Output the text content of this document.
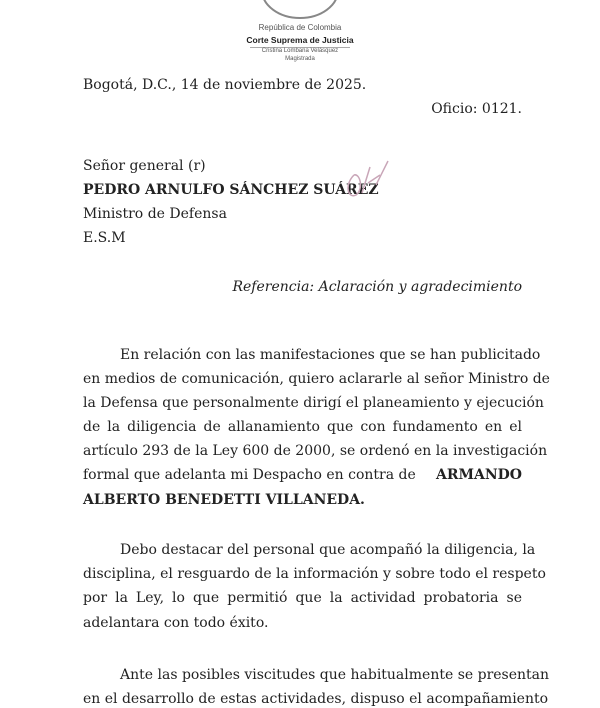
República de Colombia
Corte Suprema de Justicia
Cristina Lombana Velásquez
Magistrada
Bogotá, D.C., 14 de noviembre de 2025.
Oficio: 0121.
Señor general (r)
PEDRO ARNULFO SÁNCHEZ SUÁREZ
Ministro de Defensa
E.S.M
Referencia: Aclaración y agradecimiento
En relación con las manifestaciones que se han publicitado
en medios de comunicación, quiero aclararle al señor Ministro de
la Defensa que personalmente dirigí el planeamiento y ejecución
de la diligencia de allanamiento que con fundamento en el
artículo 293 de la Ley 600 de 2000, se ordenó en la investigación
formal que adelanta mi Despacho en contra de ARMANDO
ALBERTO BENEDETTI VILLANEDA.
Debo destacar del personal que acompañó la diligencia, la
disciplina, el resguardo de la información y sobre todo el respeto
por la Ley, lo que permitió que la actividad probatoria se
adelantara con todo éxito.
Ante las posibles viscitudes que habitualmente se presentan
en el desarrollo de estas actividades, dispuso el acompañamiento
